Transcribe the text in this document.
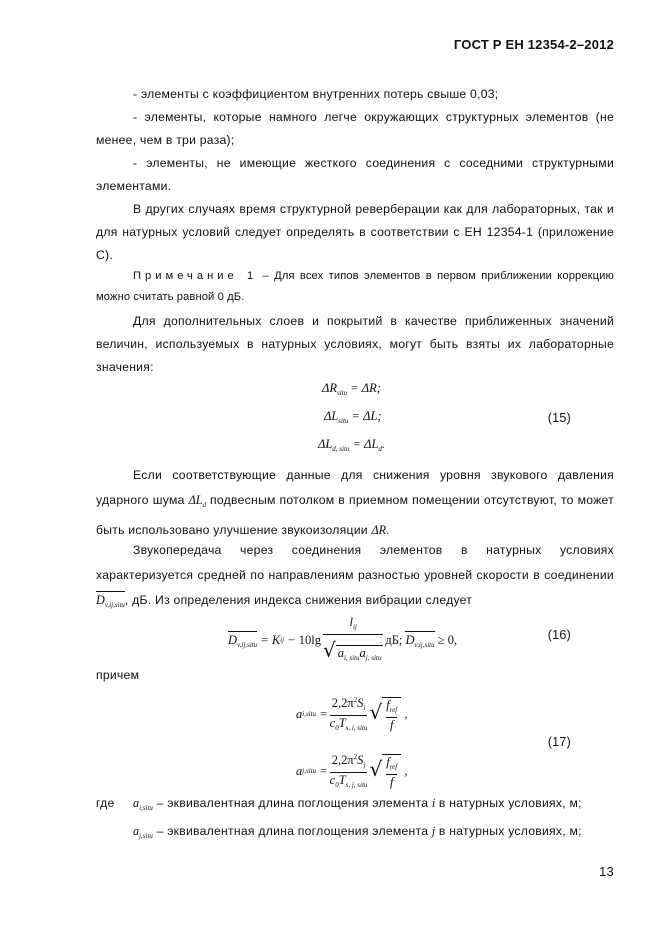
ГОСТ Р ЕН 12354-2–2012
- элементы с коэффициентом внутренних потерь свыше 0,03;
- элементы, которые намного легче окружающих структурных элементов (не менее, чем в три раза);
- элементы, не имеющие жесткого соединения с соседними структурными элементами.
В других случаях время структурной реверберации как для лабораторных, так и для натурных условий следует определять в соответствии с ЕН 12354-1 (приложение С).
Примечание 1 – Для всех типов элементов в первом приближении коррекцию можно считать равной 0 дБ.
Для дополнительных слоев и покрытий в качестве приближенных значений величин, используемых в натурных условиях, могут быть взяты их лабораторные значения:
$\Delta R_{situ} = \Delta R$;
$\Delta L_{situ} = \Delta L$;
$\Delta L_{d, situ} = \Delta L_d$.
(15)
Если соответствующие данные для снижения уровня звукового давления ударного шума $\Delta L_d$ подвесным потолком в приемном помещении отсутствуют, то может быть использовано улучшение звукоизоляции ΔR.
Звукопередача через соединения элементов в натурных условиях характеризуется средней по направлениям разностью уровней скорости в соединении $D_{v,ij,situ}$, дБ. Из определения индекса снижения вибрации следует
$D_{v,ij,situ}$
=
K ij
−
$10\lg \frac{l_{ij}}{√ a_{i, situ}a_{j, situ}}$ дБ;
$D_{v,ij,situ}$
≥ 0 ,	(16)
причем
a i,situ
= $\frac{2,2\pi^2S_i}{c_0T_{s, i, situ}}$ √ $\frac{f_{ref}}{f}$
,
a j,situ
= $\frac{2,2\pi^2S_j}{c_0T_{s, j, situ}}$ √ $\frac{f_{ref}}{f}$
,
(17)
где $a_{i,situ}$ – эквивалентная длина поглощения элемента i в натурных условиях, м;
$a_{j,situ}$ – эквивалентная длина поглощения элемента j в натурных условиях, м;
13
